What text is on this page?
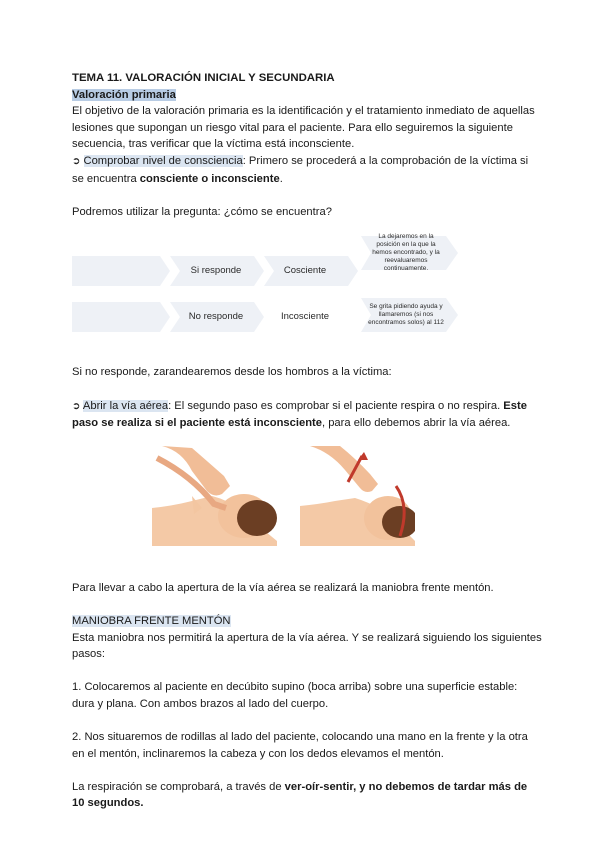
TEMA 11. VALORACIÓN INICIAL Y SECUNDARIA

Valoración primaria

El objetivo de la valoración primaria es la identificación y el tratamiento inmediato de aquellas lesiones que supongan un riesgo vital para el paciente. Para ello seguiremos la siguiente secuencia, tras verificar que la víctima está inconsciente.

➲ Comprobar nivel de consciencia: Primero se procederá a la comprobación de la víctima si se encuentra consciente o inconsciente.

Podremos utilizar la pregunta: ¿cómo se encuentra?

Si responde	Cosciente
La dejaremos en la posición en la que la hemos encontrado, y la reevaluaremos continuamente.
No responde	Incosciente
Se grita pidiendo ayuda y llamaremos (si nos encontramos solos) al 112

Si no responde, zarandearemos desde los hombros a la víctima:

➲ Abrir la vía aérea: El segundo paso es comprobar si el paciente respira o no respira. Este paso se realiza si el paciente está inconsciente, para ello debemos abrir la vía aérea.

Para llevar a cabo la apertura de la vía aérea se realizará la maniobra frente mentón.

MANIOBRA FRENTE MENTÓN

Esta maniobra nos permitirá la apertura de la vía aérea. Y se realizará siguiendo los siguientes pasos:

1. Colocaremos al paciente en decúbito supino (boca arriba) sobre una superficie estable: dura y plana. Con ambos brazos al lado del cuerpo.

2. Nos situaremos de rodillas al lado del paciente, colocando una mano en la frente y la otra en el mentón, inclinaremos la cabeza y con los dedos elevamos el mentón.

La respiración se comprobará, a través de ver-oír-sentir, y no debemos de tardar más de 10 segundos.
